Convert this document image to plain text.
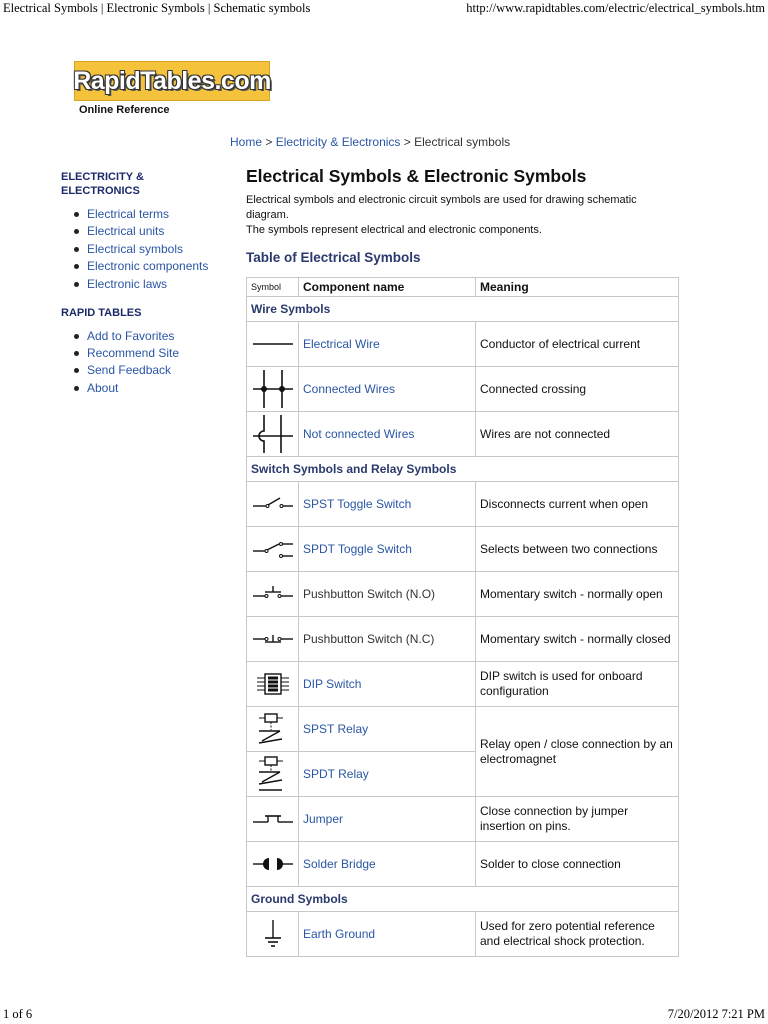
Electrical Symbols | Electronic Symbols | Schematic symbols	http://www.rapidtables.com/electric/electrical_symbols.htm
RapidTables.com
Online Reference
Home > Electricity & Electronics > Electrical symbols
ELECTRICITY & ELECTRONICS
Electrical terms
Electrical units
Electrical symbols
Electronic components
Electronic laws
RAPID TABLES
Add to Favorites
Recommend Site
Send Feedback
About
Electrical Symbols & Electronic Symbols

Electrical symbols and electronic circuit symbols are used for drawing schematic diagram.

The symbols represent electrical and electronic components.

Table of Electrical Symbols
Symbol	Component name	Meaning
Wire Symbols		

	Electrical Wire	Conductor of electrical current

	Connected Wires	Connected crossing

	Not connected Wires	Wires are not connected
Switch Symbols and Relay Symbols		

	SPST Toggle Switch	Disconnects current when open

	SPDT Toggle Switch	Selects between two connections

	Pushbutton Switch (N.O)	Momentary switch - normally open

	Pushbutton Switch (N.C)	Momentary switch - normally closed

	DIP Switch	DIP switch is used for onboard configuration

	SPST Relay	Relay open / close connection by an electromagnet

	SPDT Relay	

	Jumper	Close connection by jumper insertion on pins.

	Solder Bridge	Solder to close connection
Ground Symbols		

	Earth Ground	Used for zero potential reference and electrical shock protection.
1 of 6	7/20/2012 7:21 PM
